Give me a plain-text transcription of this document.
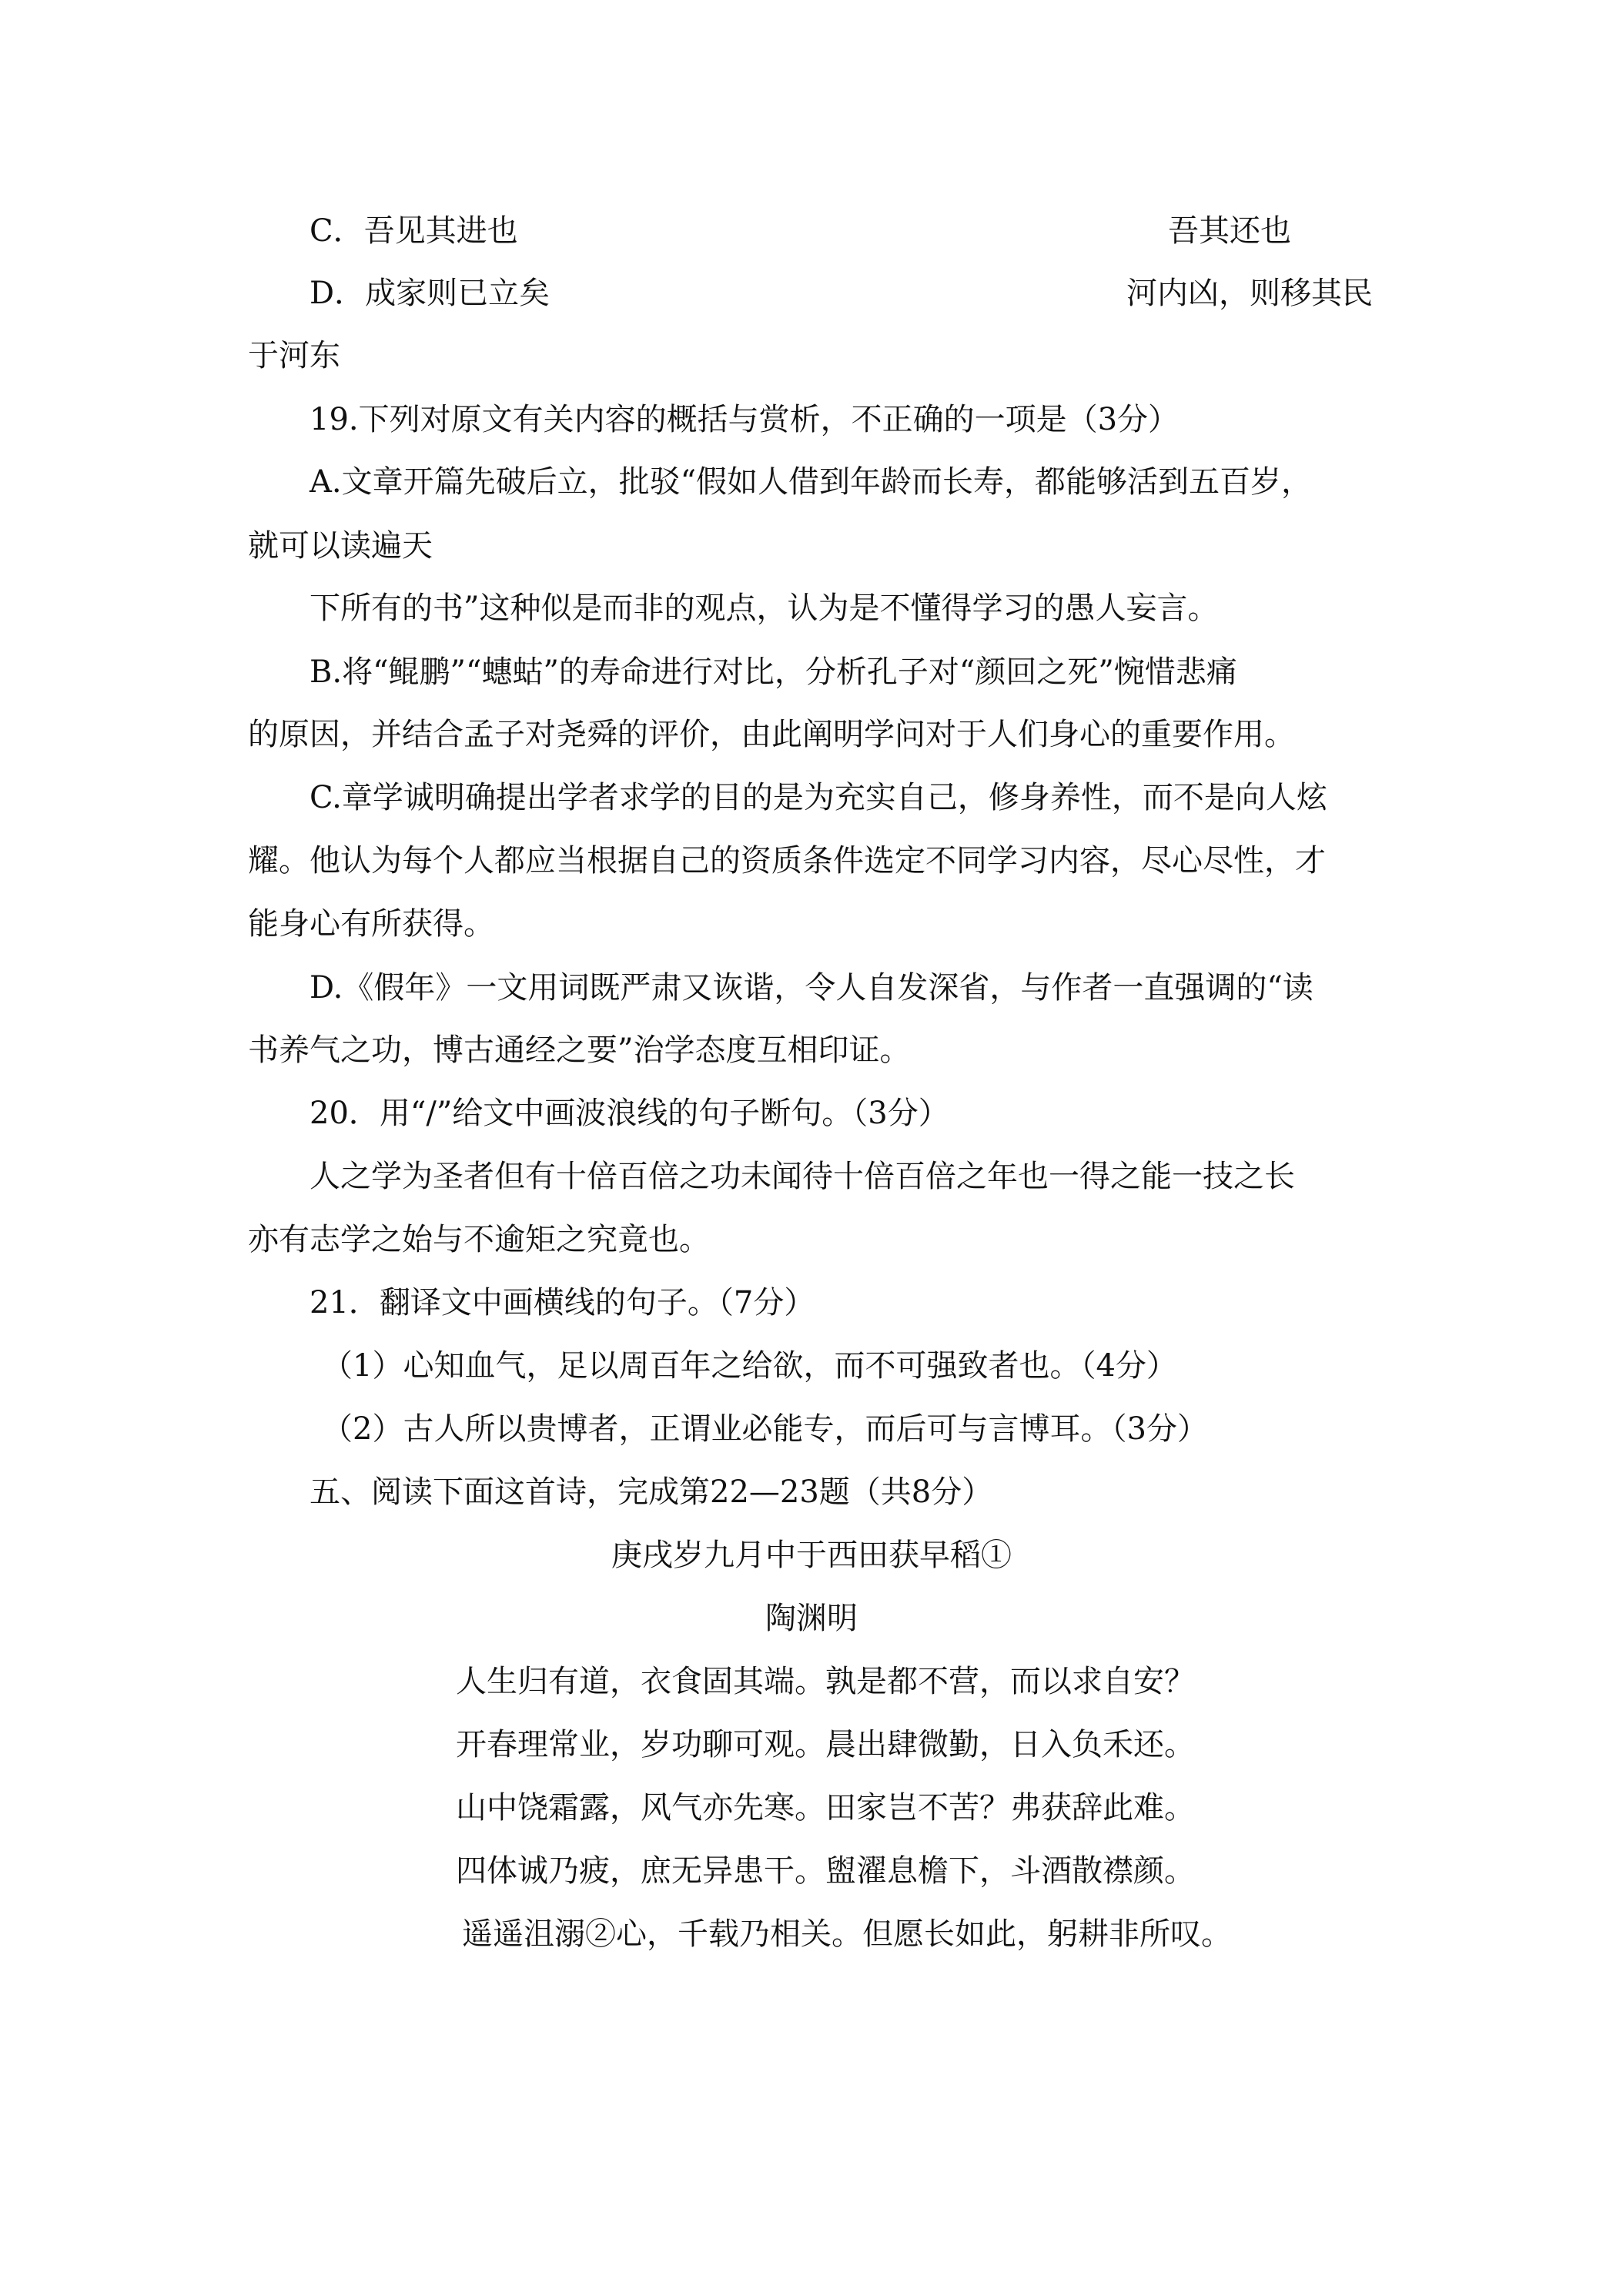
C．吾见其进也	吾其还也

D．成家则已立矣	河内凶，则移其民

于河东

19.下列对原文有关内容的概括与赏析，不正确的一项是（3分）

A.文章开篇先破后立，批驳“假如人借到年龄而长寿，都能够活到五百岁，

就可以读遍天

下所有的书”这种似是而非的观点，认为是不懂得学习的愚人妄言。

B.将“鲲鹏”“蟪蛄”的寿命进行对比，分析孔子对“颜回之死”惋惜悲痛

的原因，并结合孟子对尧舜的评价，由此阐明学问对于人们身心的重要作用。

C.章学诚明确提出学者求学的目的是为充实自己，修身养性，而不是向人炫

耀。他认为每个人都应当根据自己的资质条件选定不同学习内容，尽心尽性，才

能身心有所获得。

D.《假年》一文用词既严肃又诙谐，令人自发深省，与作者一直强调的“读

书养气之功，博古通经之要”治学态度互相印证。

20．用“/”给文中画波浪线的句子断句。（3分）

人之学为圣者但有十倍百倍之功未闻待十倍百倍之年也一得之能一技之长

亦有志学之始与不逾矩之究竟也。

21．翻译文中画横线的句子。（7分）

（1）心知血气，足以周百年之给欲，而不可强致者也。（4分）

（2）古人所以贵博者，正谓业必能专，而后可与言博耳。（3分）

五、阅读下面这首诗，完成第22—23题（共8分）

庚戌岁九月中于西田获早稻①

陶渊明

人生归有道，衣食固其端。孰是都不营，而以求自安？

开春理常业，岁功聊可观。晨出肆微勤，日入负禾还。

山中饶霜露，风气亦先寒。田家岂不苦？弗获辞此难。

四体诚乃疲，庶无异患干。盥濯息檐下，斗酒散襟颜。

遥遥沮溺②心，千载乃相关。但愿长如此，躬耕非所叹。
